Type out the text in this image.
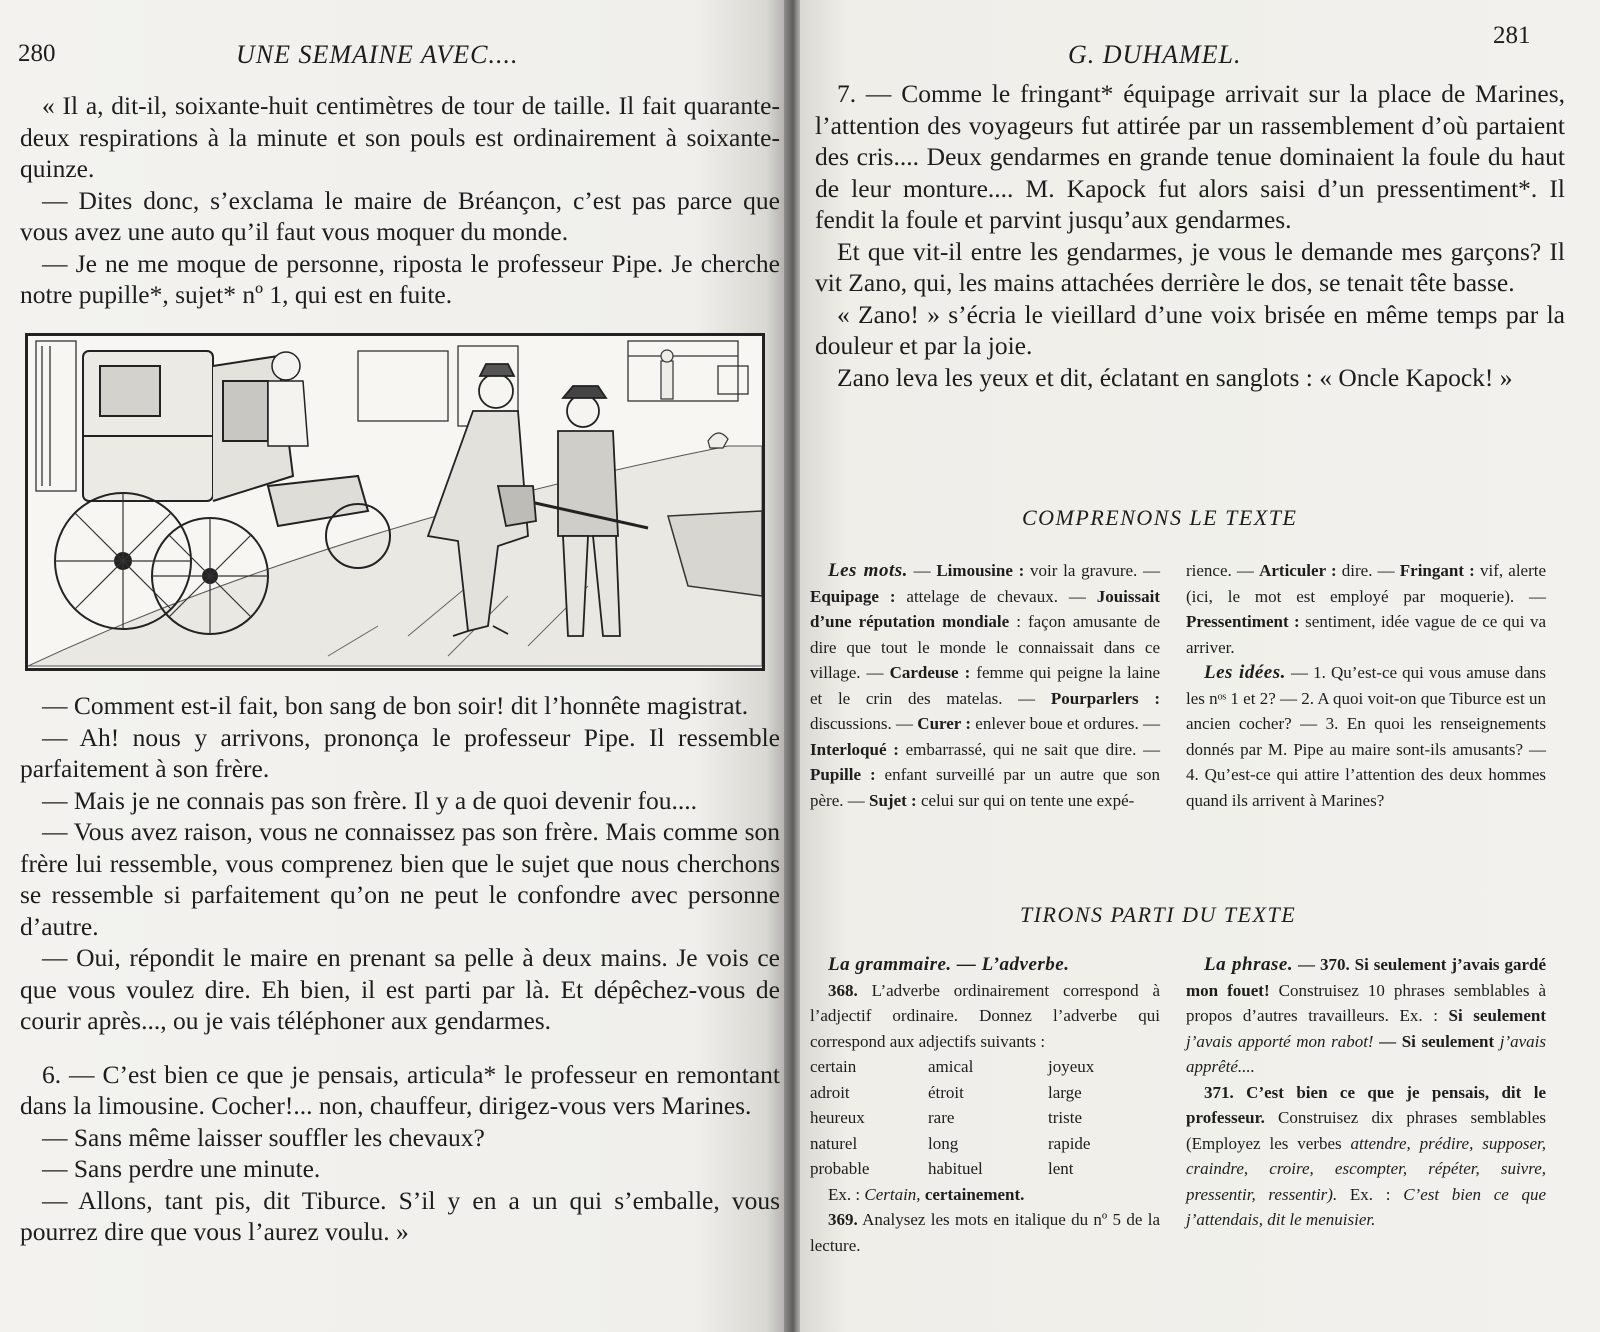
280	UNE SEMAINE AVEC....

« Il a, dit-il, soixante-huit centimètres de tour de taille. Il fait quarante-deux respirations à la minute et son pouls est ordinairement à soixante-quinze.

— Dites donc, s’exclama le maire de Bréançon, c’est pas parce que vous avez une auto qu’il faut vous moquer du monde.

— Je ne me moque de personne, riposta le professeur Pipe. Je cherche notre pupille*, sujet* nº 1, qui est en fuite.

— Comment est-il fait, bon sang de bon soir! dit l’honnête magistrat.

— Ah! nous y arrivons, prononça le professeur Pipe. Il ressemble parfaitement à son frère.

— Mais je ne connais pas son frère. Il y a de quoi devenir fou....

— Vous avez raison, vous ne connaissez pas son frère. Mais comme son frère lui ressemble, vous comprenez bien que le sujet que nous cherchons se ressemble si parfaitement qu’on ne peut le confondre avec personne d’autre.

— Oui, répondit le maire en prenant sa pelle à deux mains. Je vois ce que vous voulez dire. Eh bien, il est parti par là. Et dépêchez-vous de courir après..., ou je vais téléphoner aux gendarmes.

6. — C’est bien ce que je pensais, articula* le professeur en remontant dans la limousine. Cocher!... non, chauffeur, dirigez-vous vers Marines.

— Sans même laisser souffler les chevaux?

— Sans perdre une minute.

— Allons, tant pis, dit Tiburce. S’il y en a un qui s’emballe, vous pourrez dire que vous l’aurez voulu. »

G. DUHAMEL.
281

7. — Comme le fringant* équipage arrivait sur la place de Marines, l’attention des voyageurs fut attirée par un rassemblement d’où partaient des cris.... Deux gendarmes en grande tenue dominaient la foule du haut de leur monture.... M. Kapock fut alors saisi d’un pressentiment*. Il fendit la foule et parvint jusqu’aux gendarmes.

Et que vit-il entre les gendarmes, je vous le demande mes garçons? Il vit Zano, qui, les mains attachées derrière le dos, se tenait tête basse.

« Zano! » s’écria le vieillard d’une voix brisée en même temps par la douleur et par la joie.

Zano leva les yeux et dit, éclatant en sanglots : « Oncle Kapock! »

COMPRENONS LE TEXTE

Les mots. — Limousine : voir la gravure. — Equipage : attelage de chevaux. — Jouissait d’une réputation mondiale : façon amusante de dire que tout le monde le connaissait dans ce village. — Cardeuse : femme qui peigne la laine et le crin des matelas. — Pourparlers : discussions. — Curer : enlever boue et ordures. — Interloqué : embarrassé, qui ne sait que dire. — Pupille : enfant surveillé par un autre que son père. — Sujet : celui sur qui on tente une expé-

rience. — Articuler : dire. — Fringant : vif, alerte (ici, le mot est employé par moquerie). — Pressentiment : sentiment, idée vague de ce qui va arriver.

Les idées. — 1. Qu’est-ce qui vous amuse dans les nᵒˢ 1 et 2? — 2. A quoi voit-on que Tiburce est un ancien cocher? — 3. En quoi les renseignements donnés par M. Pipe au maire sont-ils amusants? — 4. Qu’est-ce qui attire l’attention des deux hommes quand ils arrivent à Marines?

TIRONS PARTI DU TEXTE

La grammaire. — L’adverbe.

368. L’adverbe ordinairement correspond à l’adjectif ordinaire. Donnez l’adverbe qui correspond aux adjectifs suivants :

certain	amical	joyeux
adroit	étroit	large
heureux	rare	triste
naturel	long	rapide
probable	habituel	lent

Ex. : Certain, certainement.

369. Analysez les mots en italique du nº 5 de la lecture.

La phrase. — 370. Si seulement j’avais gardé mon fouet! Construisez 10 phrases semblables à propos d’autres travailleurs. Ex. : Si seulement j’avais apporté mon rabot! — Si seulement j’avais apprêté....

371. C’est bien ce que je pensais, dit le professeur. Construisez dix phrases semblables (Employez les verbes attendre, prédire, supposer, craindre, croire, escompter, répéter, suivre, pressentir, ressentir). Ex. : C’est bien ce que j’attendais, dit le menuisier.
